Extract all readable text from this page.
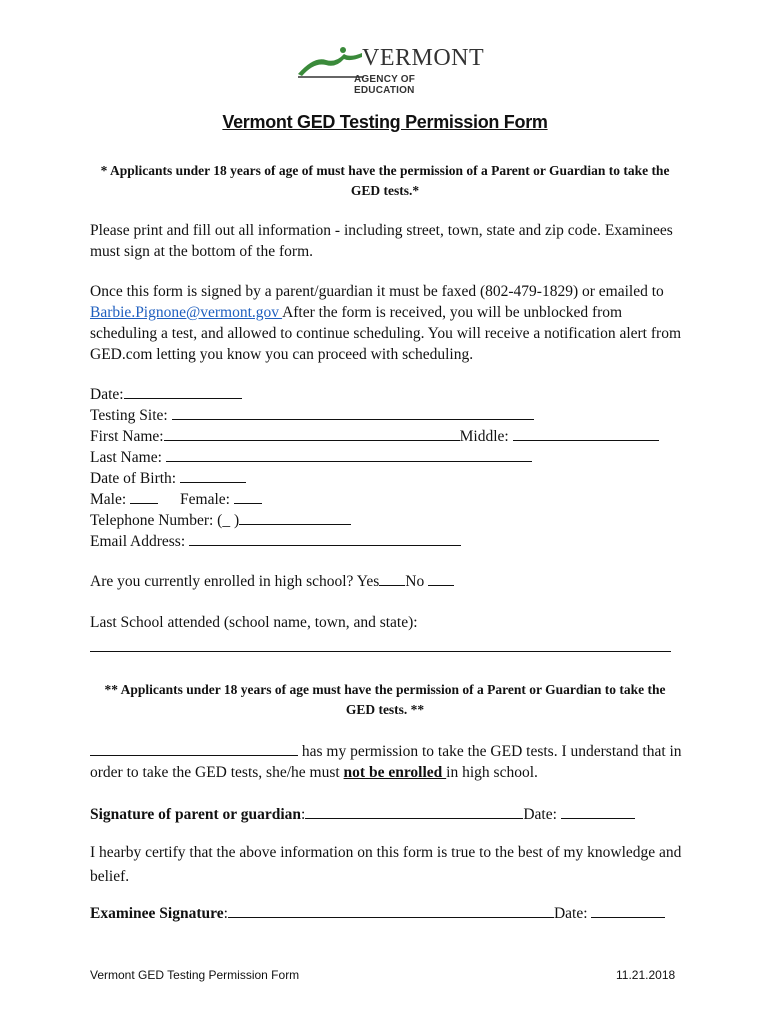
VERMONT
AGENCY OF EDUCATION
Vermont GED Testing Permission Form
* Applicants under 18 years of age of must have the permission of a Parent or Guardian to take the GED tests.*
Please print and fill out all information - including street, town, state and zip code. Examinees must sign at the bottom of the form.
Once this form is signed by a parent/guardian it must be faxed (802-479-1829) or emailed to Barbie.Pignone@vermont.gov After the form is received, you will be unblocked from scheduling a test, and allowed to continue scheduling. You will receive a notification alert from GED.com letting you know you can proceed with scheduling.
Date:
Testing Site:
First Name:	Middle:
Last Name:
Date of Birth:
Male:	Female:
Telephone Number: (_ )
Email Address:
Are you currently enrolled in high school? Yes No
Last School attended (school name, town, and state):
** Applicants under 18 years of age must have the permission of a Parent or Guardian to take the GED tests. **
has my permission to take the GED tests. I understand that in order to take the GED tests, she/he must not be enrolled in high school.
Signature of parent or guardian:	Date:
I hearby certify that the above information on this form is true to the best of my knowledge and belief.
Examinee Signature:	Date:
Vermont GED Testing Permission Form	11.21.2018
